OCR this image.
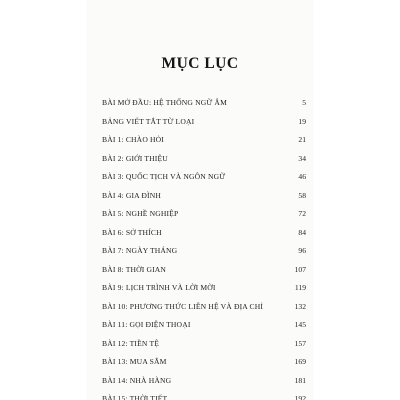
MỤC LỤC
BÀI MỞ ĐẦU: HỆ THỐNG NGỮ ÂM	5
BẢNG VIẾT TẮT TỪ LOẠI	19
BÀI 1: CHÀO HỎI	21
BÀI 2: GIỚI THIỆU	34
BÀI 3: QUỐC TỊCH VÀ NGÔN NGỮ	46
BÀI 4: GIA ĐÌNH	58
BÀI 5: NGHỀ NGHIỆP	72
BÀI 6: SỞ THÍCH	84
BÀI 7: NGÀY THÁNG	96
BÀI 8: THỜI GIAN	107
BÀI 9: LỊCH TRÌNH VÀ LỜI MỜI	119
BÀI 10: PHƯƠNG THỨC LIÊN HỆ VÀ ĐỊA CHỈ	132
BÀI 11: GỌI ĐIỆN THOẠI	145
BÀI 12: TIỀN TỆ	157
BÀI 13: MUA SẮM	169
BÀI 14: NHÀ HÀNG	181
BÀI 15: THỜI TIẾT	192
